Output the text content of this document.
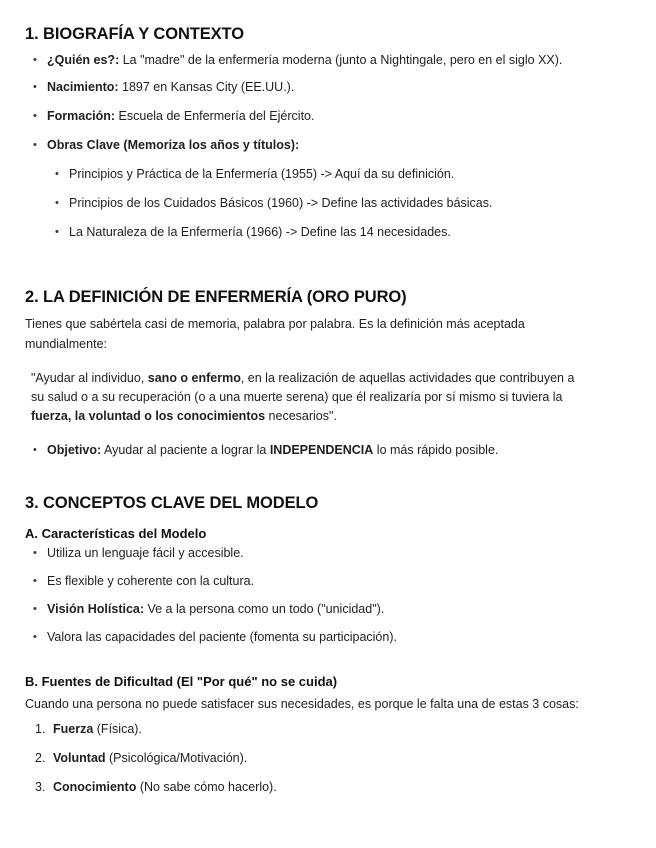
1. BIOGRAFÍA Y CONTEXTO
• ¿Quién es?: La "madre" de la enfermería moderna (junto a Nightingale, pero en el siglo XX).
• Nacimiento: 1897 en Kansas City (EE.UU.).
• Formación: Escuela de Enfermería del Ejército.
• Obras Clave (Memoriza los años y títulos):
• Principios y Práctica de la Enfermería (1955) -> Aquí da su definición.
• Principios de los Cuidados Básicos (1960) -> Define las actividades básicas.
• La Naturaleza de la Enfermería (1966) -> Define las 14 necesidades.
2. LA DEFINICIÓN DE ENFERMERÍA (ORO PURO)

Tienes que sabértela casi de memoria, palabra por palabra. Es la definición más aceptada mundialmente:

"Ayudar al individuo, sano o enfermo, en la realización de aquellas actividades que contribuyen a su salud o a su recuperación (o a una muerte serena) que él realizaría por sí mismo si tuviera la fuerza, la voluntad o los conocimientos necesarios".
• Objetivo: Ayudar al paciente a lograr la INDEPENDENCIA lo más rápido posible.
3. CONCEPTOS CLAVE DEL MODELO
A. Características del Modelo
• Utiliza un lenguaje fácil y accesible.
• Es flexible y coherente con la cultura.
• Visión Holística: Ve a la persona como un todo ("unicidad").
• Valora las capacidades del paciente (fomenta su participación).
B. Fuentes de Dificultad (El "Por qué" no se cuida)

Cuando una persona no puede satisfacer sus necesidades, es porque le falta una de estas 3 cosas:

1. Fuerza (Física).
2. Voluntad (Psicológica/Motivación).
3. Conocimiento (No sabe cómo hacerlo).
